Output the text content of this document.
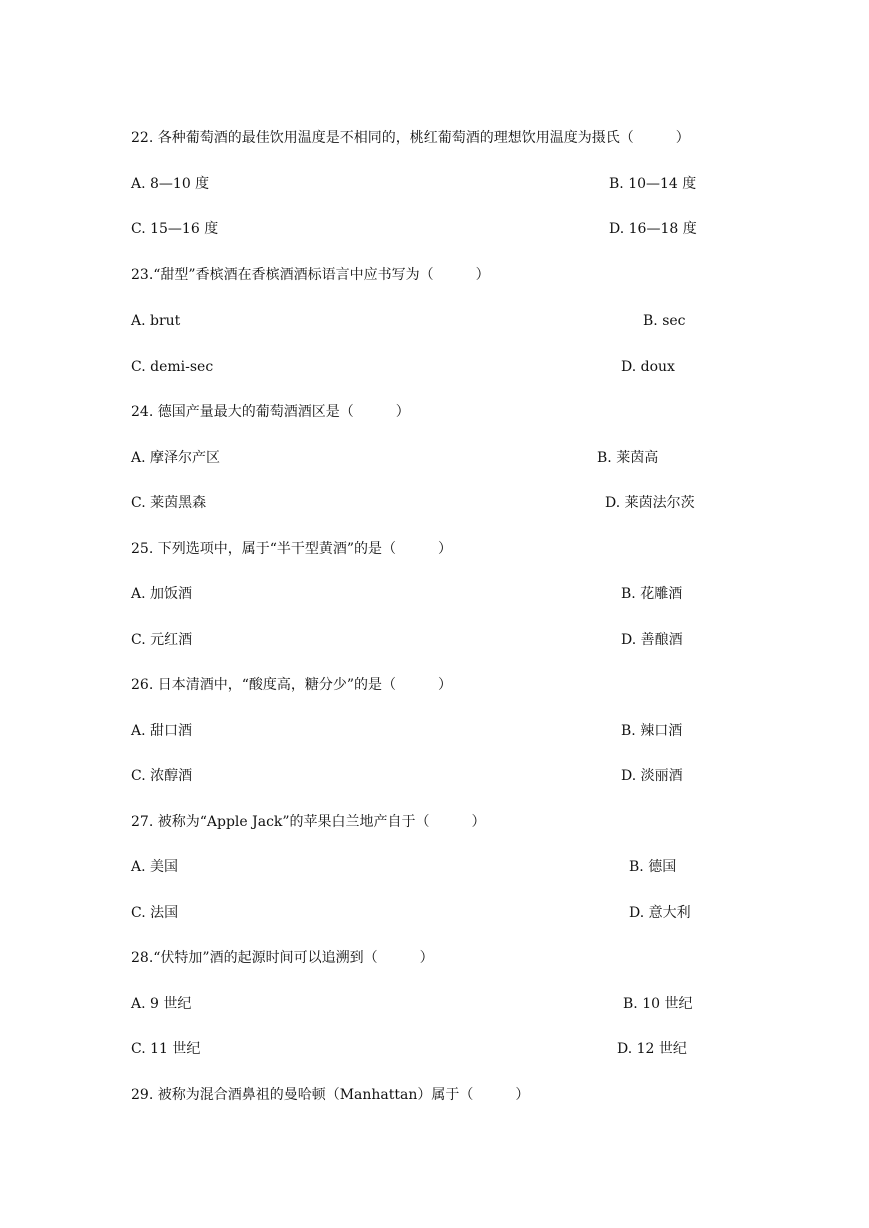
22. 各种葡萄酒的最佳饮用温度是不相同的，桃红葡萄酒的理想饮用温度为摄氏（　　　）
A. 8—10 度	B. 10—14 度
C. 15—16 度	D. 16—18 度
23.“甜型”香槟酒在香槟酒酒标语言中应书写为（　　　）
A. brut	B. sec
C. demi-sec	D. doux
24. 德国产量最大的葡萄酒酒区是（　　　）
A. 摩泽尔产区	B. 莱茵高
C. 莱茵黑森	D. 莱茵法尔茨
25. 下列选项中，属于“半干型黄酒”的是（　　　）
A. 加饭酒	B. 花雕酒
C. 元红酒	D. 善酿酒
26. 日本清酒中，“酸度高，糖分少”的是（　　　）
A. 甜口酒	B. 辣口酒
C. 浓醇酒	D. 淡丽酒
27. 被称为“Apple Jack”的苹果白兰地产自于（　　　）
A. 美国	B. 德国
C. 法国	D. 意大利
28.“伏特加”酒的起源时间可以追溯到（　　　）
A. 9 世纪	B. 10 世纪
C. 11 世纪	D. 12 世纪
29. 被称为混合酒鼻祖的曼哈顿（Manhattan）属于（　　　）
